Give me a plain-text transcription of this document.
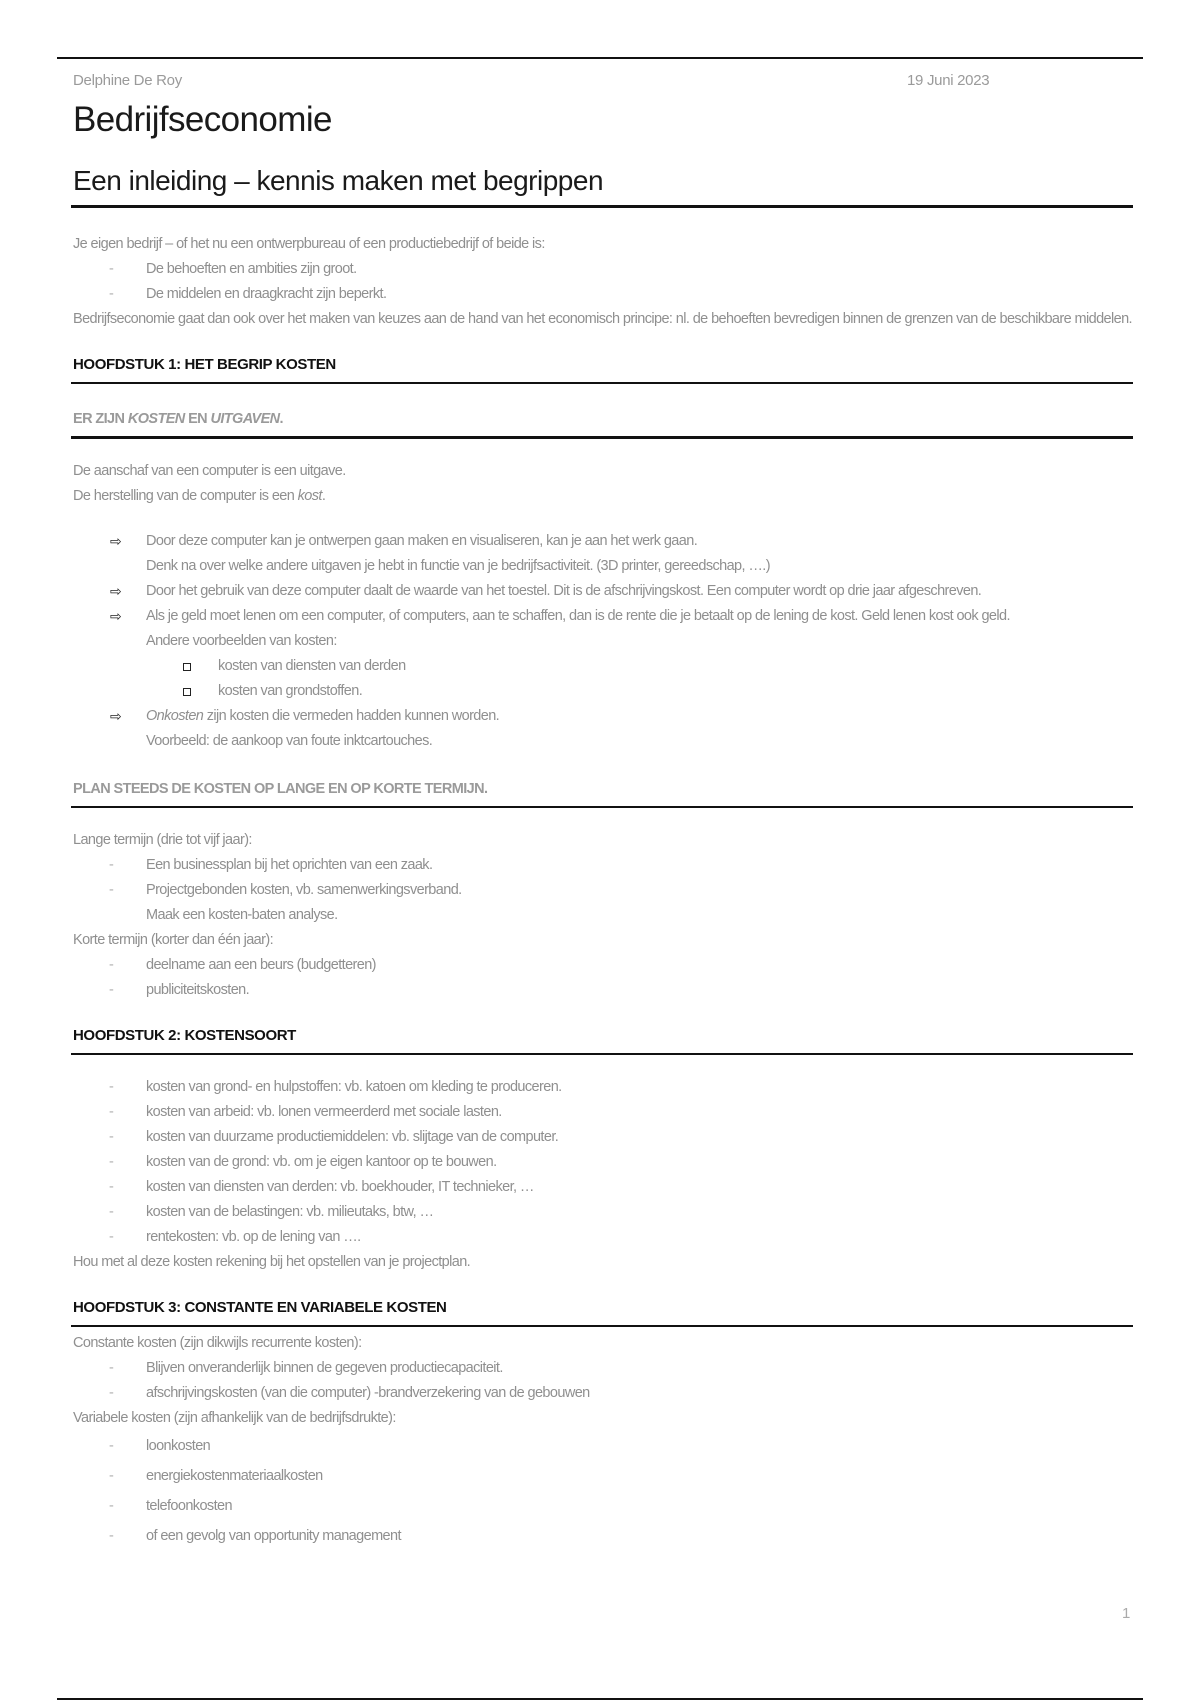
Delphine De Roy	19 Juni 2023
Bedrijfseconomie
Een inleiding – kennis maken met begrippen

Je eigen bedrijf – of het nu een ontwerpbureau of een productiebedrijf of beide is:

- De behoeften en ambities zijn groot.
- De middelen en draagkracht zijn beperkt.

Bedrijfseconomie gaat dan ook over het maken van keuzes aan de hand van het economisch principe: nl. de behoeften bevredigen binnen de grenzen van de beschikbare middelen.

HOOFDSTUK 1: HET BEGRIP KOSTEN
ER ZIJN KOSTEN EN UITGAVEN.

De aanschaf van een computer is een uitgave.

De herstelling van de computer is een kost.

⇨ Door deze computer kan je ontwerpen gaan maken en visualiseren, kan je aan het werk gaan.
Denk na over welke andere uitgaven je hebt in functie van je bedrijfsactiviteit. (3D printer, gereedschap, ….)
⇨ Door het gebruik van deze computer daalt de waarde van het toestel. Dit is de afschrijvingskost. Een computer wordt op drie jaar afgeschreven.
⇨ Als je geld moet lenen om een computer, of computers, aan te schaffen, dan is de rente die je betaalt op de lening de kost. Geld lenen kost ook geld.
Andere voorbeelden van kosten:
kosten van diensten van derden
kosten van grondstoffen.
⇨ Onkosten zijn kosten die vermeden hadden kunnen worden.
Voorbeeld: de aankoop van foute inktcartouches.
PLAN STEEDS DE KOSTEN OP LANGE EN OP KORTE TERMIJN.

Lange termijn (drie tot vijf jaar):

- Een businessplan bij het oprichten van een zaak.
- Projectgebonden kosten, vb. samenwerkingsverband.

Maak een kosten-baten analyse.

Korte termijn (korter dan één jaar):

- deelname aan een beurs (budgetteren)
- publiciteitskosten.
HOOFDSTUK 2: KOSTENSOORT
- kosten van grond- en hulpstoffen: vb. katoen om kleding te produceren.
- kosten van arbeid: vb. lonen vermeerderd met sociale lasten.
- kosten van duurzame productiemiddelen: vb. slijtage van de computer.
- kosten van de grond: vb. om je eigen kantoor op te bouwen.
- kosten van diensten van derden: vb. boekhouder, IT technieker, …
- kosten van de belastingen: vb. milieutaks, btw, …
- rentekosten: vb. op de lening van ….

Hou met al deze kosten rekening bij het opstellen van je projectplan.

HOOFDSTUK 3: CONSTANTE EN VARIABELE KOSTEN

Constante kosten (zijn dikwijls recurrente kosten):

- Blijven onveranderlijk binnen de gegeven productiecapaciteit.
- afschrijvingskosten (van die computer) -brandverzekering van de gebouwen

Variabele kosten (zijn afhankelijk van de bedrijfsdrukte):

- loonkosten
- energiekostenmateriaalkosten
- telefoonkosten
- of een gevolg van opportunity management
1
